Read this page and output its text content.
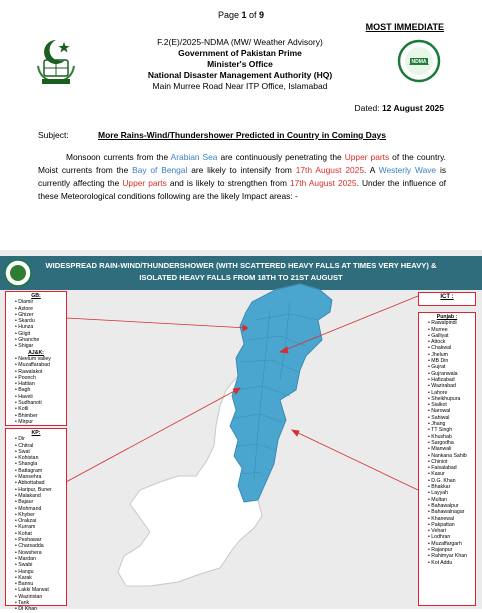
Page 1 of 9
MOST IMMEDIATE
F.2(E)/2025-NDMA (MW/ Weather Advisory)
Government of Pakistan Prime
Minister's Office
National Disaster Management Authority (HQ)
Main Murree Road Near ITP Office, Islamabad
NDMA
Dated: 12 August 2025
Subject:	More Rains-Wind/Thundershower Predicted in Country in Coming Days
Monsoon currents from the Arabian Sea are continuously penetrating the Upper parts of the country. Moist currents from the Bay of Bengal are likely to intensify from 17th August 2025. A Westerly Wave is currently affecting the Upper parts and is likely to strengthen from 17th August 2025. Under the influence of these Meteorological conditions following are the likely Impact areas: -
WIDESPREAD RAIN-WIND/THUNDERSHOWER (WITH SCATTERED HEAVY FALLS AT TIMES VERY HEAVY) &
ISOLATED HEAVY FALLS FROM 18TH TO 21ST AUGUST
GB:
• Diamir
• Astore
• Ghizer
• Skardu
• Hunza
• Gilgit
• Ghanche
• Shigar
AJ&K:
• Neelum valley
• Muzaffarabad
• Rawalakot
• Poonch
• Hattian
• Bagh
• Haveli
• Sudhanoti
• Kotli
• Bhimber
• Mirpur
KP:
• Dir
• Chitral
• Swat
• Kohistan
• Shangla
• Battagram
• Mansehra
• Abbottabad
• Haripur, Buner
• Malakand
• Bajaur
• Mohmand
• Khyber
• Orakzai
• Kurram
• Kohat
• Peshawar
• Charsadda
• Nowshera
• Mardan
• Swabi
• Hangu
• Karak
• Bannu
• Lakki Marwat
• Waziristan
• Tank
• DI Khan
ICT :
Punjab :
• Rawalpindi
• Murree
• Galliyat
• Attock
• Chakwal
• Jhelum
• MB Din
• Gujrat
• Gujranwala
• Hafizabad
• Wazirabad
• Lahore
• Sheikhupura
• Sialkot
• Narowal
• Sahiwal
• Jhang
• TT Singh
• Khushab
• Sargodha
• Mianwali
• Nankana Sahib
• Chiniot
• Faisalabad
• Kasur
• D.G. Khan
• Bhakkar
• Layyah
• Multan
• Bahawalpur
• Bahawalnagar
• Khanewal
• Pakpattan
• Vehari
• Lodhran
• Muzaffargarh
• Rajanpur
• Rahimyar Khan
• Kot Addu
